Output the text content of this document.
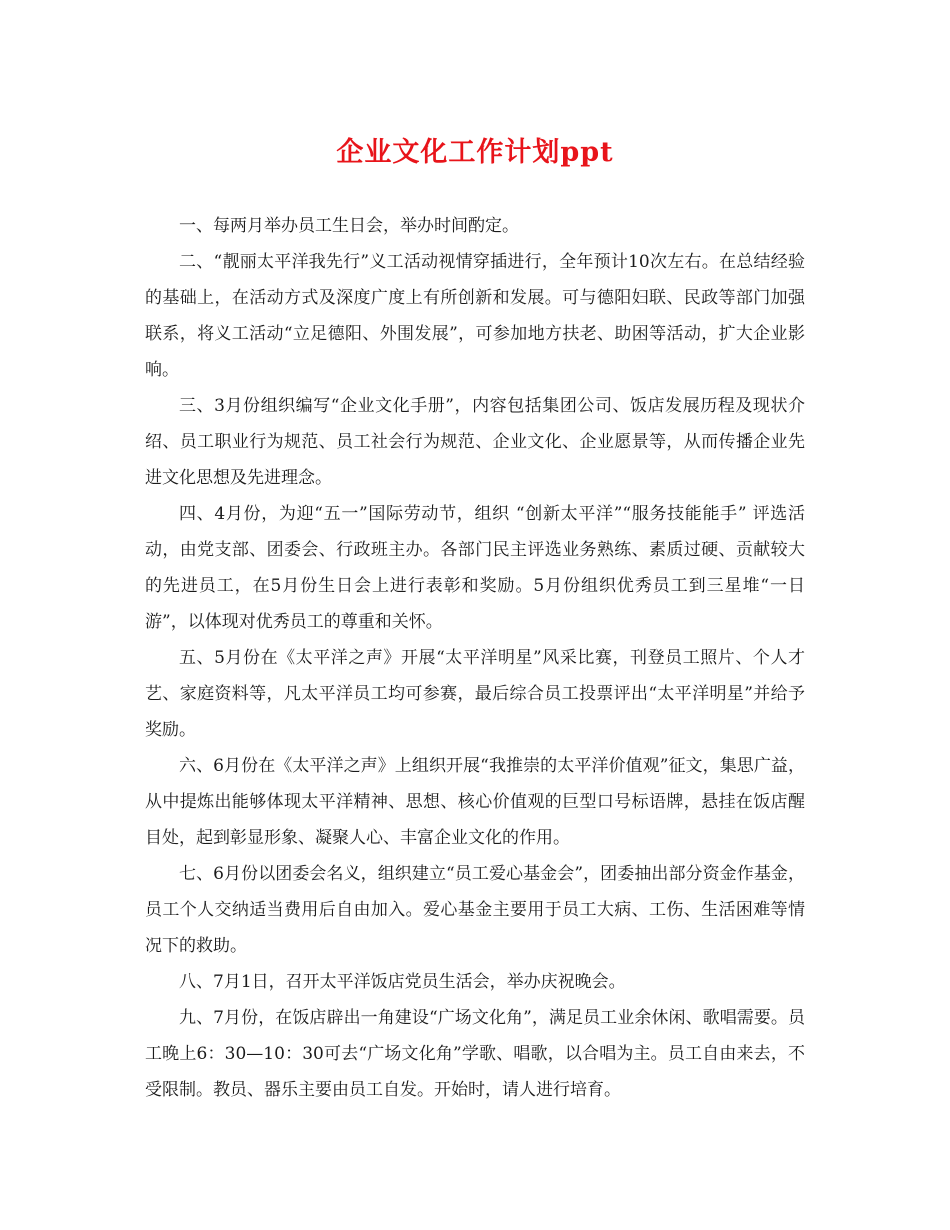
企业文化工作计划ppt

一、每两月举办员工生日会，举办时间酌定。

二、“靓丽太平洋我先行”义工活动视情穿插进行，全年预计10次左右。在总结经验的基础上，在活动方式及深度广度上有所创新和发展。可与德阳妇联、民政等部门加强联系，将义工活动“立足德阳、外围发展”，可参加地方扶老、助困等活动，扩大企业影响。

三、3月份组织编写“企业文化手册”，内容包括集团公司、饭店发展历程及现状介绍、员工职业行为规范、员工社会行为规范、企业文化、企业愿景等，从而传播企业先进文化思想及先进理念。

四、4月份，为迎“五一”国际劳动节，组织 “创新太平洋”“服务技能能手” 评选活动，由党支部、团委会、行政班主办。各部门民主评选业务熟练、素质过硬、贡献较大的先进员工，在5月份生日会上进行表彰和奖励。5月份组织优秀员工到三星堆“一日游”，以体现对优秀员工的尊重和关怀。

五、5月份在《太平洋之声》开展“太平洋明星”风采比赛，刊登员工照片、个人才艺、家庭资料等，凡太平洋员工均可参赛，最后综合员工投票评出“太平洋明星”并给予奖励。

六、6月份在《太平洋之声》上组织开展“我推崇的太平洋价值观”征文，集思广益，从中提炼出能够体现太平洋精神、思想、核心价值观的巨型口号标语牌，悬挂在饭店醒目处，起到彰显形象、凝聚人心、丰富企业文化的作用。

七、6月份以团委会名义，组织建立“员工爱心基金会”，团委抽出部分资金作基金，员工个人交纳适当费用后自由加入。爱心基金主要用于员工大病、工伤、生活困难等情况下的救助。

八、7月1日，召开太平洋饭店党员生活会，举办庆祝晚会。

九、7月份，在饭店辟出一角建设“广场文化角”，满足员工业余休闲、歌唱需要。员工晚上6：30—10：30可去“广场文化角”学歌、唱歌，以合唱为主。员工自由来去，不受限制。教员、器乐主要由员工自发。开始时，请人进行培育。
